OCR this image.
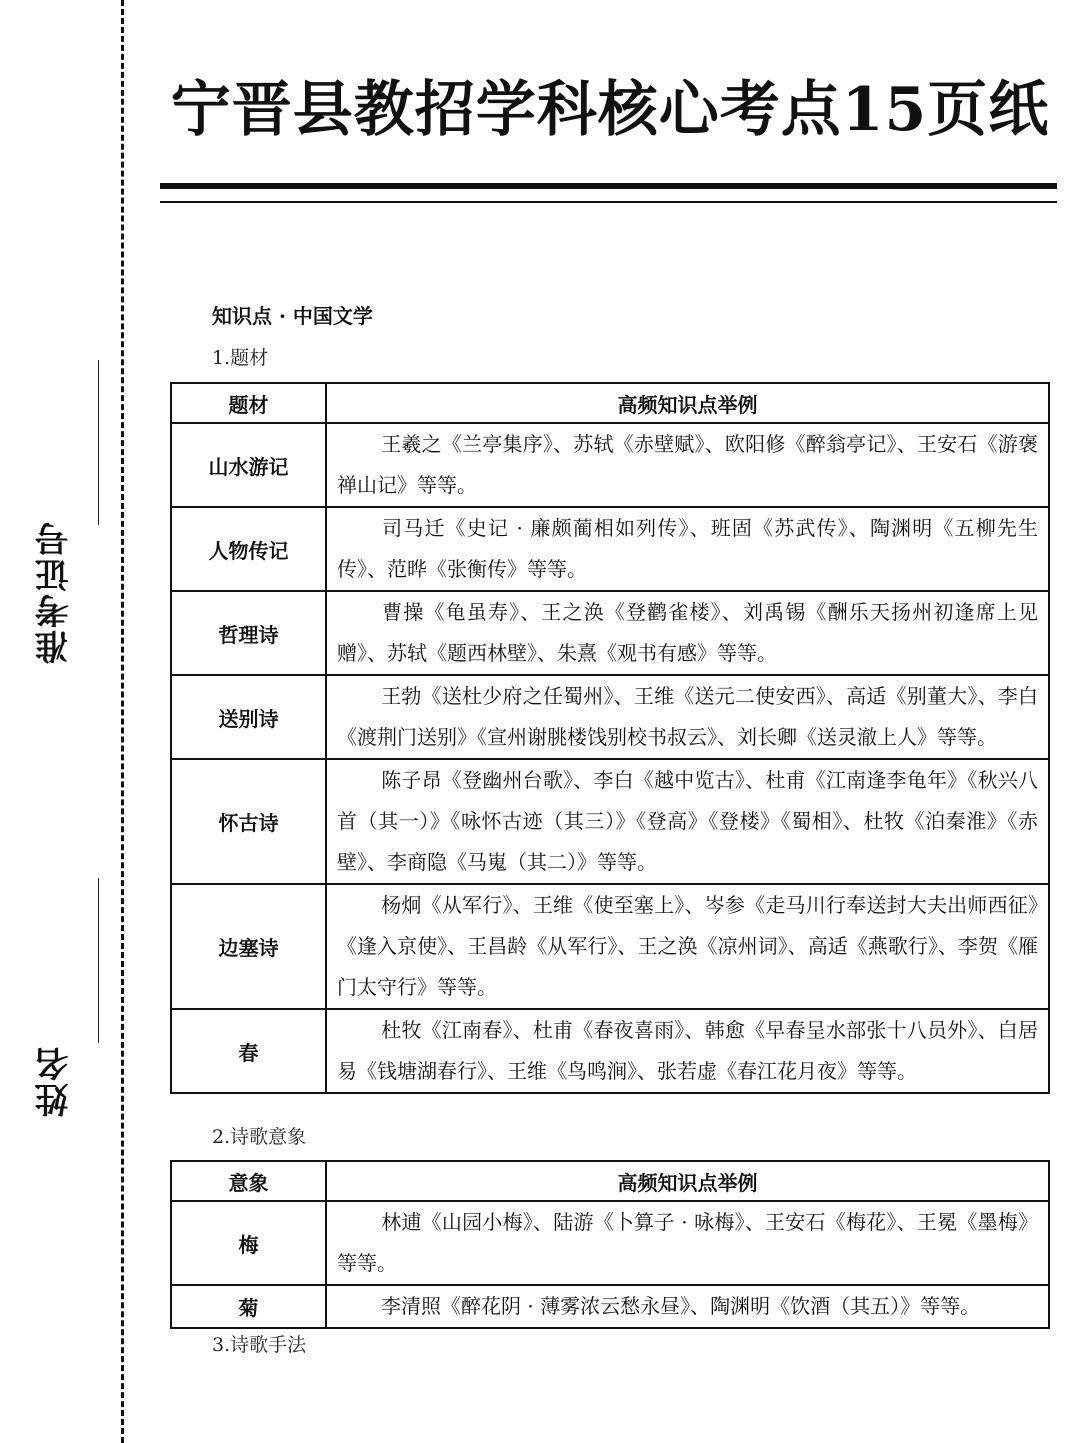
准考证号
姓名
宁晋县教招学科核心考点15页纸
知识点 · 中国文学
1.题材
题材	高频知识点举例
山水游记	王羲之《兰亭集序》、苏轼《赤壁赋》、欧阳修《醉翁亭记》、王安石《游褒禅山记》等等。
人物传记	司马迁《史记 · 廉颇蔺相如列传》、班固《苏武传》、陶渊明《五柳先生传》、范晔《张衡传》等等。
哲理诗	曹操《龟虽寿》、王之涣《登鹳雀楼》、刘禹锡《酬乐天扬州初逢席上见赠》、苏轼《题西林壁》、朱熹《观书有感》等等。
送别诗	王勃《送杜少府之任蜀州》、王维《送元二使安西》、高适《别董大》、李白《渡荆门送别》《宣州谢朓楼饯别校书叔云》、刘长卿《送灵澈上人》等等。
怀古诗	陈子昂《登幽州台歌》、李白《越中览古》、杜甫《江南逢李龟年》《秋兴八首（其一）》《咏怀古迹（其三）》《登高》《登楼》《蜀相》、杜牧《泊秦淮》《赤壁》、李商隐《马嵬（其二）》等等。
边塞诗	杨炯《从军行》、王维《使至塞上》、岑参《走马川行奉送封大夫出师西征》《逢入京使》、王昌龄《从军行》、王之涣《凉州词》、高适《燕歌行》、李贺《雁门太守行》等等。
春	杜牧《江南春》、杜甫《春夜喜雨》、韩愈《早春呈水部张十八员外》、白居易《钱塘湖春行》、王维《鸟鸣涧》、张若虚《春江花月夜》等等。
2.诗歌意象
意象	高频知识点举例
梅	林逋《山园小梅》、陆游《卜算子 · 咏梅》、王安石《梅花》、王冕《墨梅》等等。
菊	李清照《醉花阴 · 薄雾浓云愁永昼》、陶渊明《饮酒（其五）》等等。
3.诗歌手法
